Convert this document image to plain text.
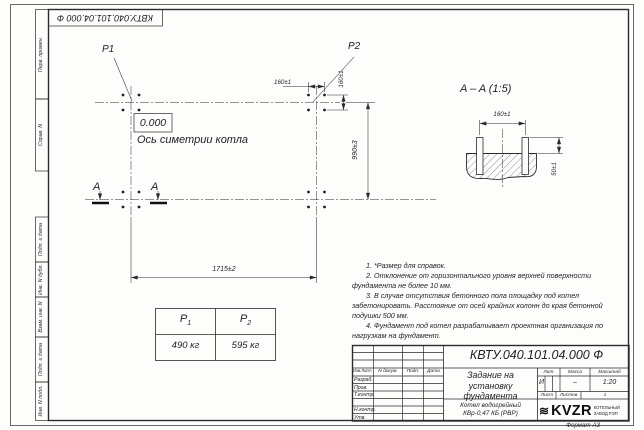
КВТУ.040.101.04.000 Ф
Перв. примен.
Справ. N
Подп. и дата
Инв. N дубл.
Взам. инв. N
Подп. и дата
Инв. N подл.
P1	P2
0.000
Ось симетрии котла
1715±2
990±3
160±1	160±1
A	A
A – A (1:5)
160±1
50±1

1. *Размер для справок.

2. Отклонение от горизонтального уровня верхней поверхности фундамента не более 10 мм.

3. В случае отсутствия бетонного пола площадку под котел забетонировать. Расстояние от осей крайних колонн до края бетонной подушки 500 мм.

4. Фундамент под котел разрабатывает проектная организация по нагрузкам на фундамент.

$P_1$	$P_2$
490 кг	595 кг
КВТУ.040.101.04.000 Ф
Изм.Лист	N докум.	Подп.	Дата
Разраб.
Пров.
Т.контр.
Н.контр.
Утв.
Задание на установку фундамента
Котел водогрейный
КВр-0,47 КБ (РВР)
Лит.	Масса	Масштаб
И	–	1:20
Лист	Листов	1
≋ KVZR КОТЕЛЬНЫЙ
ЗАВОД РЭП
Формат А3
